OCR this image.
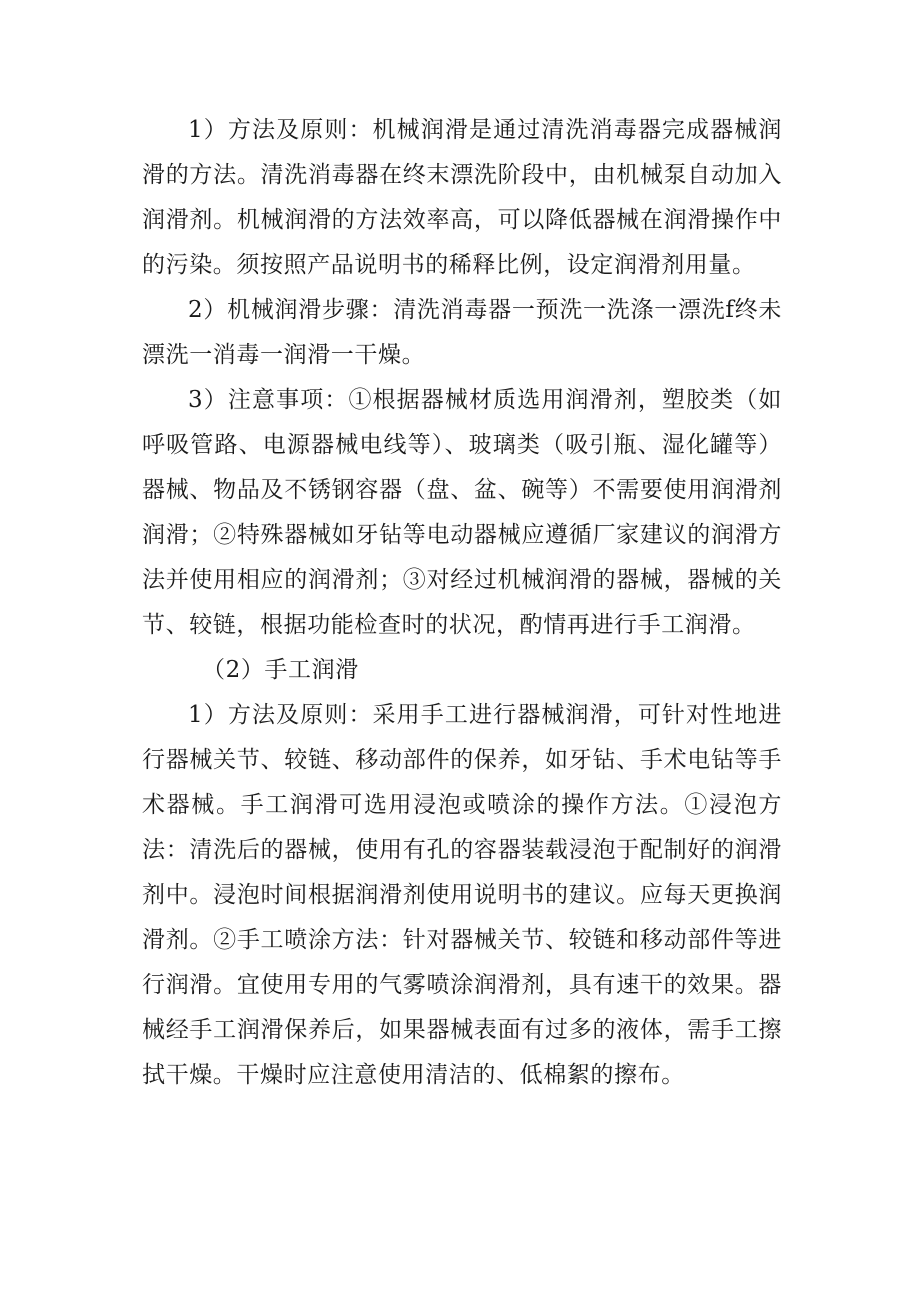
1）方法及原则：机械润滑是通过清洗消毒器完成器械润滑的方法。清洗消毒器在终末漂洗阶段中，由机械泵自动加入润滑剂。机械润滑的方法效率高，可以降低器械在润滑操作中的污染。须按照产品说明书的稀释比例，设定润滑剂用量。

2）机械润滑步骤：清洗消毒器一预洗一洗涤一漂洗f终未漂洗一消毒一润滑一干燥。

3）注意事项：①根据器械材质选用润滑剂，塑胶类（如呼吸管路、电源器械电线等）、玻璃类（吸引瓶、湿化罐等）器械、物品及不锈钢容器（盘、盆、碗等）不需要使用润滑剂润滑；②特殊器械如牙钻等电动器械应遵循厂家建议的润滑方法并使用相应的润滑剂；③对经过机械润滑的器械，器械的关节、较链，根据功能检查时的状况，酌情再进行手工润滑。

（2）手工润滑

1）方法及原则：采用手工进行器械润滑，可针对性地进行器械关节、较链、移动部件的保养，如牙钻、手术电钻等手术器械。手工润滑可选用浸泡或喷涂的操作方法。①浸泡方法：清洗后的器械，使用有孔的容器装载浸泡于配制好的润滑剂中。浸泡时间根据润滑剂使用说明书的建议。应每天更换润滑剂。②手工喷涂方法：针对器械关节、较链和移动部件等进行润滑。宜使用专用的气雾喷涂润滑剂，具有速干的效果。器械经手工润滑保养后，如果器械表面有过多的液体，需手工擦拭干燥。干燥时应注意使用清洁的、低棉絮的擦布。
